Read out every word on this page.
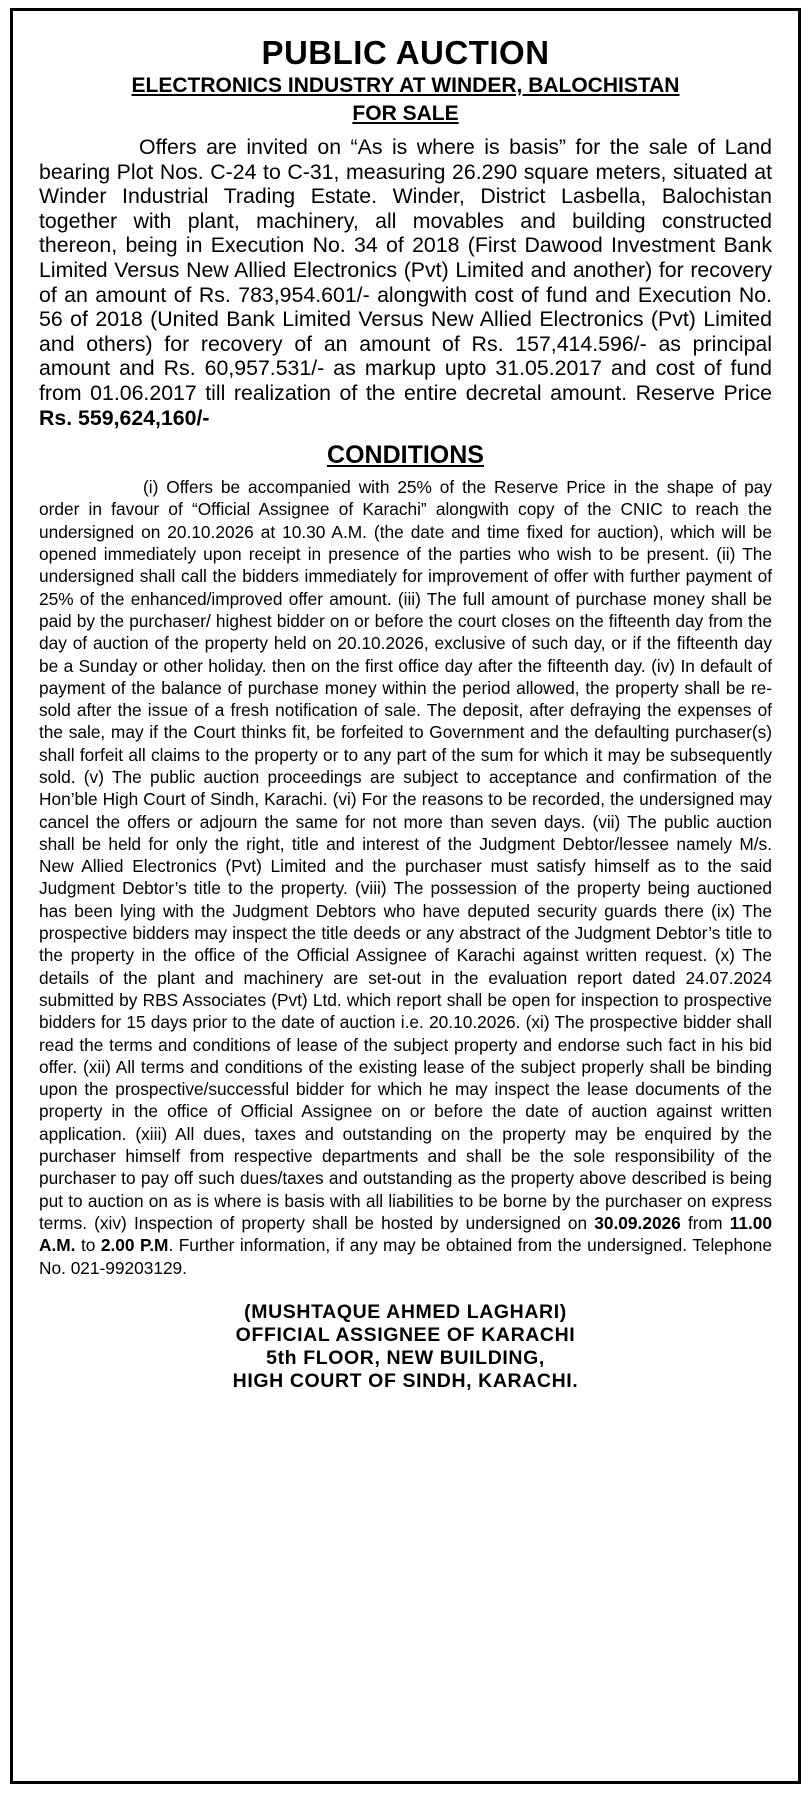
PUBLIC AUCTION
ELECTRONICS INDUSTRY AT WINDER, BALOCHISTAN
FOR SALE

Offers are invited on “As is where is basis” for the sale of Land bearing Plot Nos. C-24 to C-31, measuring 26.290 square meters, situated at Winder Industrial Trading Estate. Winder, District Lasbella, Balochistan together with plant, machinery, all movables and building constructed thereon, being in Execution No. 34 of 2018 (First Dawood Investment Bank Limited Versus New Allied Electronics (Pvt) Limited and another) for recovery of an amount of Rs. 783,954.601/- alongwith cost of fund and Execution No. 56 of 2018 (United Bank Limited Versus New Allied Electronics (Pvt) Limited and others) for recovery of an amount of Rs. 157,414.596/- as principal amount and Rs. 60,957.531/- as markup upto 31.05.2017 and cost of fund from 01.06.2017 till realization of the entire decretal amount. Reserve Price Rs. 559,624,160/-

CONDITIONS

(i) Offers be accompanied with 25% of the Reserve Price in the shape of pay order in favour of “Official Assignee of Karachi” alongwith copy of the CNIC to reach the undersigned on 20.10.2026 at 10.30 A.M. (the date and time fixed for auction), which will be opened immediately upon receipt in presence of the parties who wish to be present. (ii) The undersigned shall call the bidders immediately for improvement of offer with further payment of 25% of the enhanced/improved offer amount. (iii) The full amount of purchase money shall be paid by the purchaser/ highest bidder on or before the court closes on the fifteenth day from the day of auction of the property held on 20.10.2026, exclusive of such day, or if the fifteenth day be a Sunday or other holiday. then on the first office day after the fifteenth day. (iv) In default of payment of the balance of purchase money within the period allowed, the property shall be re-sold after the issue of a fresh notification of sale. The deposit, after defraying the expenses of the sale, may if the Court thinks fit, be forfeited to Government and the defaulting purchaser(s) shall forfeit all claims to the property or to any part of the sum for which it may be subsequently sold. (v) The public auction proceedings are subject to acceptance and confirmation of the Hon’ble High Court of Sindh, Karachi. (vi) For the reasons to be recorded, the undersigned may cancel the offers or adjourn the same for not more than seven days. (vii) The public auction shall be held for only the right, title and interest of the Judgment Debtor/lessee namely M/s. New Allied Electronics (Pvt) Limited and the purchaser must satisfy himself as to the said Judgment Debtor’s title to the property. (viii) The possession of the property being auctioned has been lying with the Judgment Debtors who have deputed security guards there (ix) The prospective bidders may inspect the title deeds or any abstract of the Judgment Debtor’s title to the property in the office of the Official Assignee of Karachi against written request. (x) The details of the plant and machinery are set-out in the evaluation report dated 24.07.2024 submitted by RBS Associates (Pvt) Ltd. which report shall be open for inspection to prospective bidders for 15 days prior to the date of auction i.e. 20.10.2026. (xi) The prospective bidder shall read the terms and conditions of lease of the subject property and endorse such fact in his bid offer. (xii) All terms and conditions of the existing lease of the subject properly shall be binding upon the prospective/successful bidder for which he may inspect the lease documents of the property in the office of Official Assignee on or before the date of auction against written application. (xiii) All dues, taxes and outstanding on the property may be enquired by the purchaser himself from respective departments and shall be the sole responsibility of the purchaser to pay off such dues/taxes and outstanding as the property above described is being put to auction on as is where is basis with all liabilities to be borne by the purchaser on express terms. (xiv) Inspection of property shall be hosted by undersigned on 30.09.2026 from 11.00 A.M. to 2.00 P.M. Further information, if any may be obtained from the undersigned. Telephone No. 021-99203129.

(MUSHTAQUE AHMED LAGHARI)
OFFICIAL ASSIGNEE OF KARACHI
5th FLOOR, NEW BUILDING,
HIGH COURT OF SINDH, KARACHI.
